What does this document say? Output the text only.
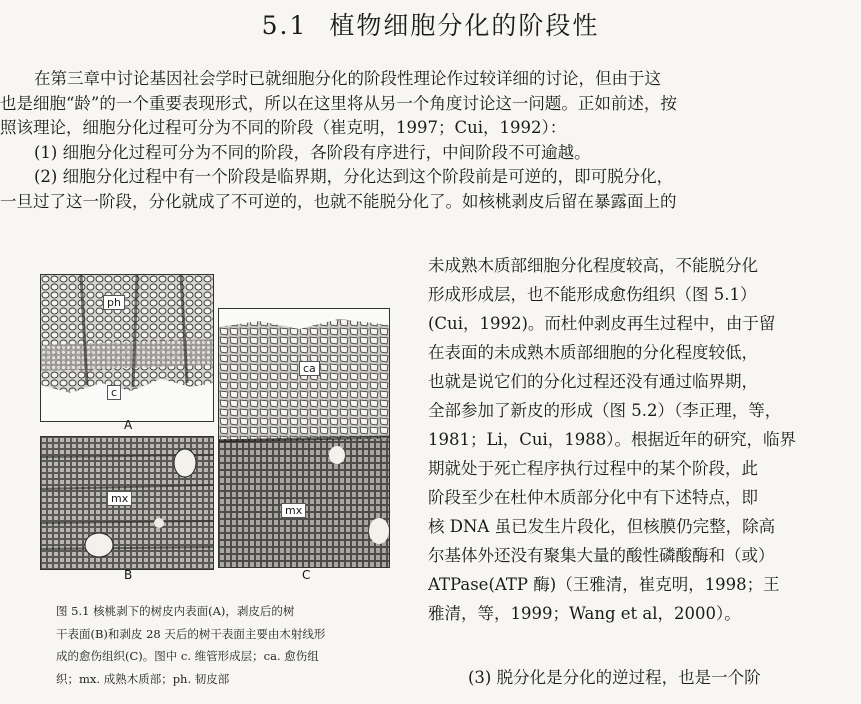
5.1 植物细胞分化的阶段性
在第三章中讨论基因社会学时已就细胞分化的阶段性理论作过较详细的讨论，但由于这
也是细胞“龄”的一个重要表现形式，所以在这里将从另一个角度讨论这一问题。正如前述，按
照该理论，细胞分化过程可分为不同的阶段（崔克明，1997；Cui，1992）：
(1) 细胞分化过程可分为不同的阶段，各阶段有序进行，中间阶段不可逾越。
(2) 细胞分化过程中有一个阶段是临界期，分化达到这个阶段前是可逆的，即可脱分化，
一旦过了这一阶段，分化就成了不可逆的，也就不能脱分化了。如核桃剥皮后留在暴露面上的
ph
c
A
mx
B
ca
mx
C
图 5.1 核桃剥下的树皮内表面(A)，剥皮后的树
干表面(B)和剥皮 28 天后的树干表面主要由木射线形
成的愈伤组织(C)。图中 c. 维管形成层；ca. 愈伤组
织；mx. 成熟木质部；ph. 韧皮部
未成熟木质部细胞分化程度较高，不能脱分化
形成形成层，也不能形成愈伤组织（图 5.1）
(Cui，1992)。而杜仲剥皮再生过程中，由于留
在表面的未成熟木质部细胞的分化程度较低，
也就是说它们的分化过程还没有通过临界期，
全部参加了新皮的形成（图 5.2）（李正理，等，
1981；Li，Cui，1988）。根据近年的研究，临界
期就处于死亡程序执行过程中的某个阶段，此
阶段至少在杜仲木质部分化中有下述特点，即
核 DNA 虽已发生片段化，但核膜仍完整，除高
尔基体外还没有聚集大量的酸性磷酸酶和（或）
ATPase(ATP 酶)（王雅清，崔克明，1998；王
雅清，等，1999；Wang et al，2000）。
(3) 脱分化是分化的逆过程，也是一个阶
